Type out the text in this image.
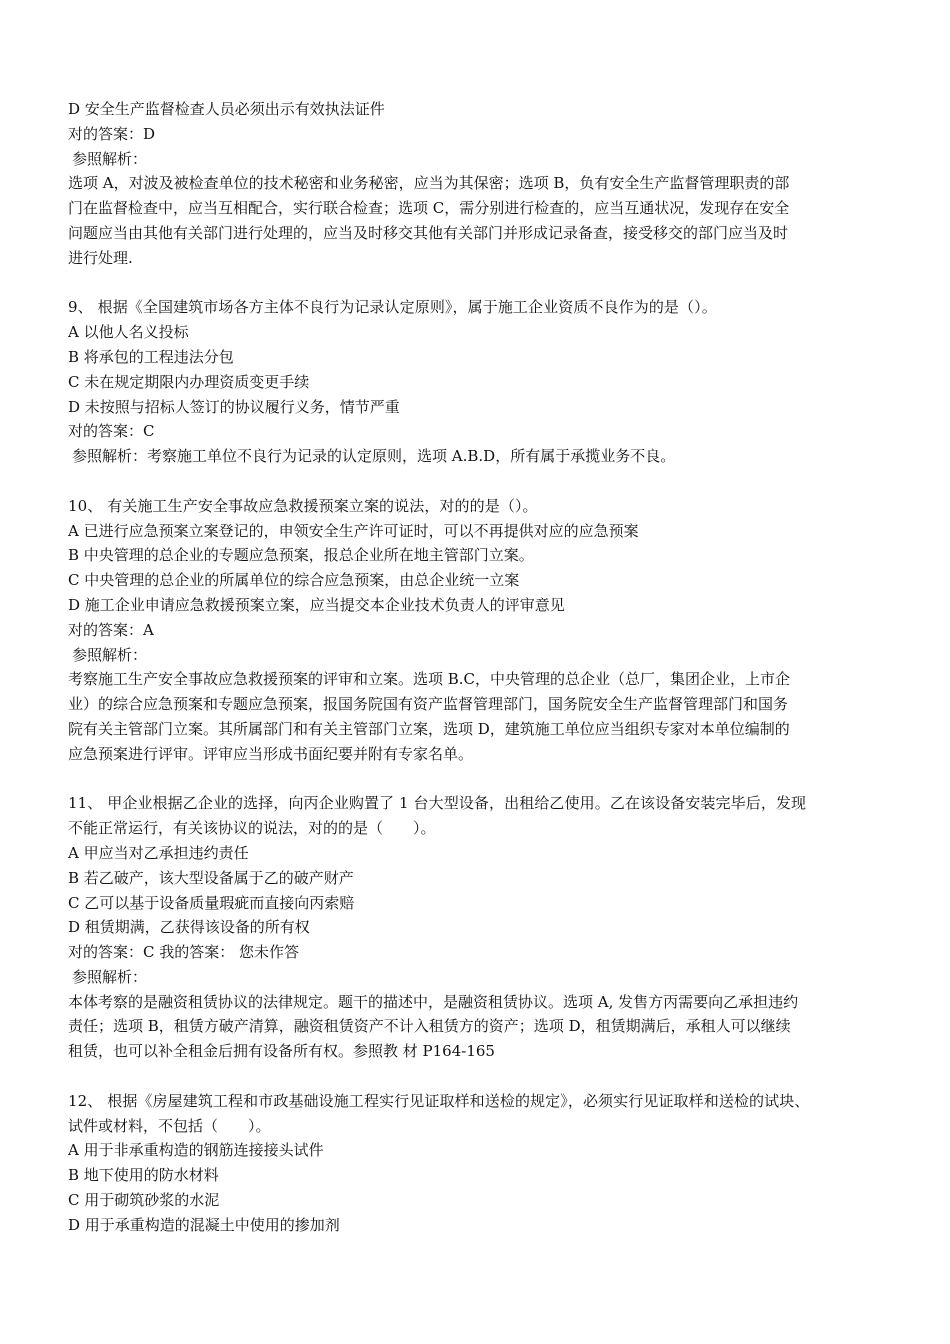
D 安全生产监督检查人员必须出示有效执法证件
对的答案：D
参照解析：
选项 A，对波及被检查单位的技术秘密和业务秘密，应当为其保密；选项 B，负有安全生产监督管理职责的部
门在监督检查中，应当互相配合，实行联合检查；选项 C，需分别进行检查的，应当互通状况，发现存在安全
问题应当由其他有关部门进行处理的，应当及时移交其他有关部门并形成记录备查，接受移交的部门应当及时
进行处理.
9、 根据《全国建筑市场各方主体不良行为记录认定原则》，属于施工企业资质不良作为的是（）。
A 以他人名义投标
B 将承包的工程违法分包
C 未在规定期限内办理资质变更手续
D 未按照与招标人签订的协议履行义务，情节严重
对的答案：C
参照解析：考察施工单位不良行为记录的认定原则，选项 A.B.D，所有属于承揽业务不良。
10、 有关施工生产安全事故应急救援预案立案的说法，对的的是（）。
A 已进行应急预案立案登记的，申领安全生产许可证时，可以不再提供对应的应急预案
B 中央管理的总企业的专题应急预案，报总企业所在地主管部门立案。
C 中央管理的总企业的所属单位的综合应急预案，由总企业统一立案
D 施工企业申请应急救援预案立案，应当提交本企业技术负责人的评审意见
对的答案：A
参照解析：
考察施工生产安全事故应急救援预案的评审和立案。选项 B.C，中央管理的总企业（总厂，集团企业，上市企
业）的综合应急预案和专题应急预案，报国务院国有资产监督管理部门，国务院安全生产监督管理部门和国务
院有关主管部门立案。其所属部门和有关主管部门立案，选项 D，建筑施工单位应当组织专家对本单位编制的
应急预案进行评审。评审应当形成书面纪要并附有专家名单。
11、 甲企业根据乙企业的选择，向丙企业购置了 1 台大型设备，出租给乙使用。乙在该设备安装完毕后，发现
不能正常运行，有关该协议的说法，对的的是（　　）。
A 甲应当对乙承担违约责任
B 若乙破产，该大型设备属于乙的破产财产
C 乙可以基于设备质量瑕疵而直接向丙索赔
D 租赁期满，乙获得该设备的所有权
对的答案：C 我的答案： 您未作答
参照解析：
本体考察的是融资租赁协议的法律规定。题干的描述中，是融资租赁协议。选项 A, 发售方丙需要向乙承担违约
责任；选项 B，租赁方破产清算，融资租赁资产不计入租赁方的资产；选项 D，租赁期满后，承租人可以继续
租赁，也可以补全租金后拥有设备所有权。参照教 材 P164-165
12、 根据《房屋建筑工程和市政基础设施工程实行见证取样和送检的规定》，必须实行见证取样和送检的试块、
试件或材料，不包括（　　）。
A 用于非承重构造的钢筋连接接头试件
B 地下使用的防水材料
C 用于砌筑砂浆的水泥
D 用于承重构造的混凝土中使用的掺加剂
